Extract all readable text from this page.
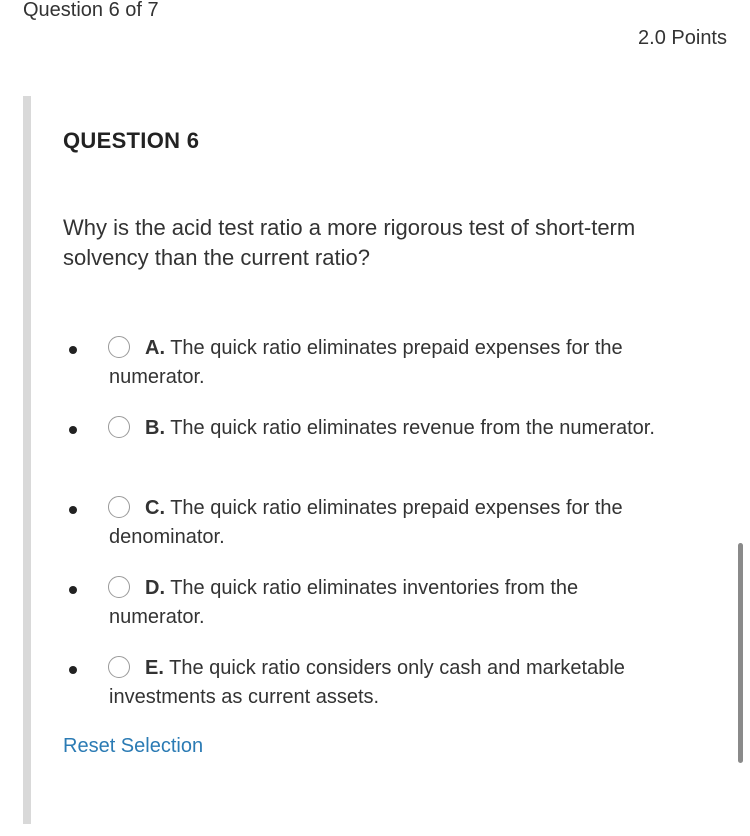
Question 6 of 7
2.0 Points
QUESTION 6
Why is the acid test ratio a more rigorous test of short-term solvency than the current ratio?
A. The quick ratio eliminates prepaid expenses for the numerator.
B. The quick ratio eliminates revenue from the numerator.
C. The quick ratio eliminates prepaid expenses for the denominator.
D. The quick ratio eliminates inventories from the numerator.
E. The quick ratio considers only cash and marketable investments as current assets.
Reset Selection
